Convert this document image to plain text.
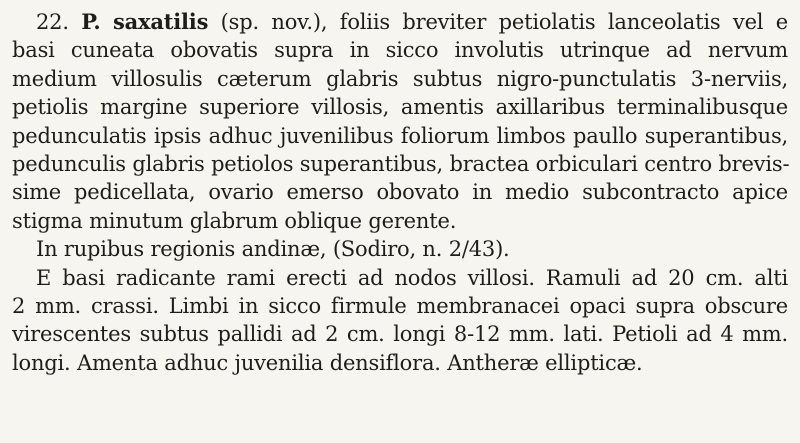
22. P. saxatilis (sp. nov.), foliis breviter petiolatis lanceolatis vel e
basi cuneata obovatis supra in sicco involutis utrinque ad nervum
medium villosulis cæterum glabris subtus nigro-punctulatis 3-nerviis,
petiolis margine superiore villosis, amentis axillaribus terminalibusque
pedunculatis ipsis adhuc juvenilibus foliorum limbos paullo superantibus,
pedunculis glabris petiolos superantibus, bractea orbiculari centro brevis-
sime pedicellata, ovario emerso obovato in medio subcontracto apice
stigma minutum glabrum oblique gerente.
In rupibus regionis andinæ, (Sodiro, n. 2/43).
E basi radicante rami erecti ad nodos villosi. Ramuli ad 20 cm. alti
2 mm. crassi. Limbi in sicco firmule membranacei opaci supra obscure
virescentes subtus pallidi ad 2 cm. longi 8-12 mm. lati. Petioli ad 4 mm.
longi. Amenta adhuc juvenilia densiflora. Antheræ ellipticæ.
